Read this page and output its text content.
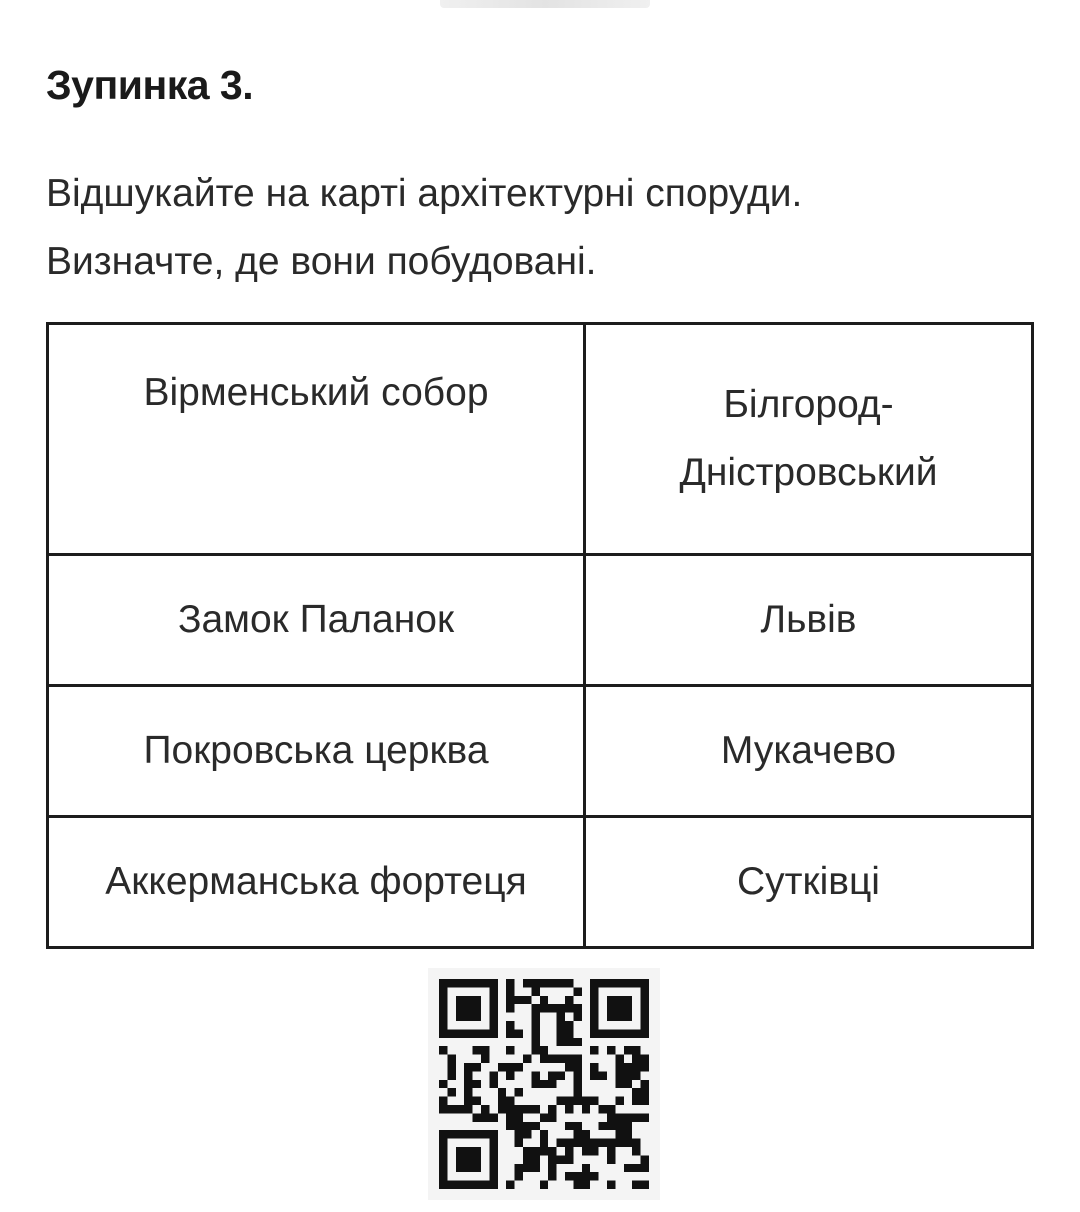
Зупинка 3.
Відшукайте на карті архітектурні споруди.
Визначте, де вони побудовані.
Вірменський собор	Білгород-
Дністровський
Замок Паланок	Львів
Покровська церква	Мукачево
Аккерманська фортеця	Сутківці
